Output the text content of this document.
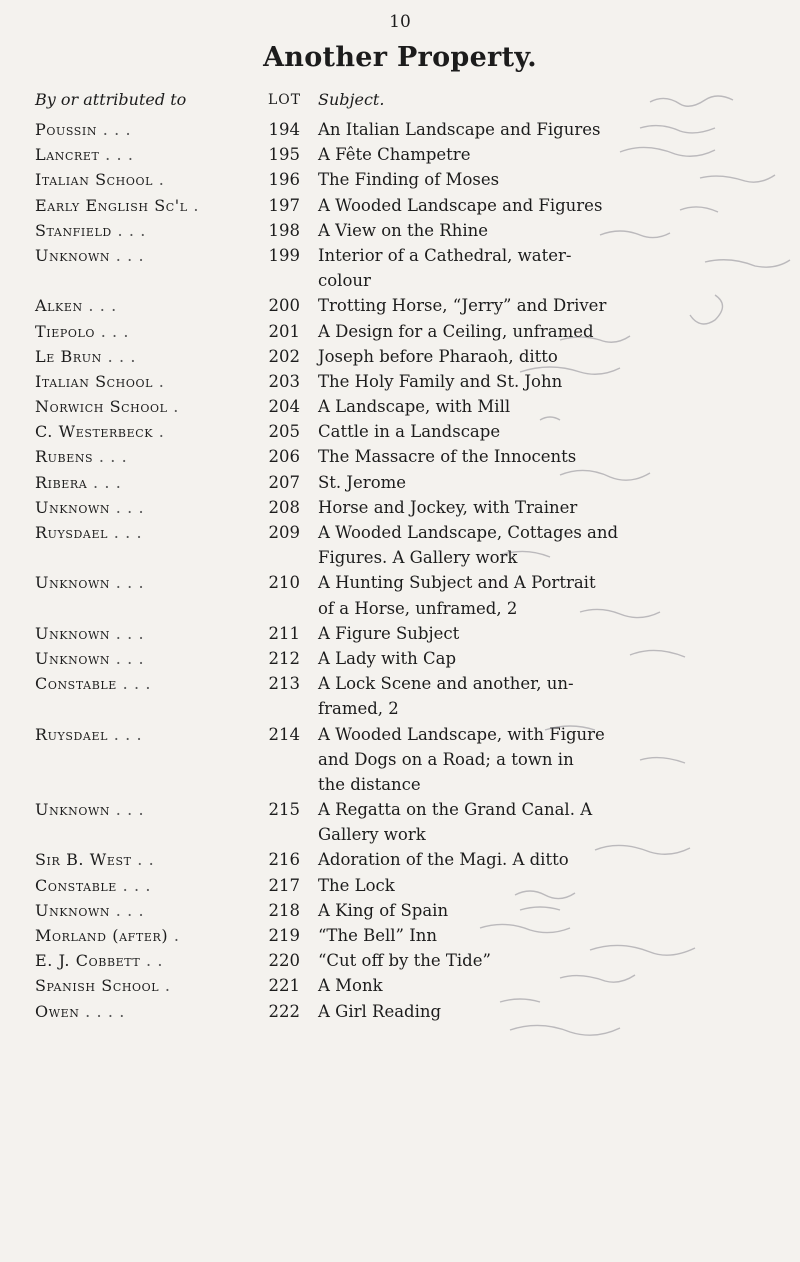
10
Another Property.
By or attributed to	LOT Subject.
Poussin . . .	194 An Italian Landscape and Figures
Lancret . . .	195 A Fête Champetre
Italian School .	196 The Finding of Moses
Early English Sc'l .	197 A Wooded Landscape and Figures
Stanfield . . .	198 A View on the Rhine
Unknown . . .	199 Interior of a Cathedral, water-
colour
Alken . . .	200 Trotting Horse, “Jerry” and Driver
Tiepolo . . .	201 A Design for a Ceiling, unframed
Le Brun . . .	202 Joseph before Pharaoh, ditto
Italian School .	203 The Holy Family and St. John
Norwich School .	204 A Landscape, with Mill
C. Westerbeck .	205 Cattle in a Landscape
Rubens . . .	206 The Massacre of the Innocents
Ribera . . .	207 St. Jerome
Unknown . . .	208 Horse and Jockey, with Trainer
Ruysdael . . .	209 A Wooded Landscape, Cottages and
Figures. A Gallery work
Unknown . . .	210 A Hunting Subject and A Portrait
of a Horse, unframed, 2
Unknown . . .	211 A Figure Subject
Unknown . . .	212 A Lady with Cap
Constable . . .	213 A Lock Scene and another, un-
framed, 2
Ruysdael . . .	214 A Wooded Landscape, with Figure
and Dogs on a Road; a town in
the distance
Unknown . . .	215 A Regatta on the Grand Canal. A
Gallery work
Sir B. West . .	216 Adoration of the Magi. A ditto
Constable . . .	217 The Lock
Unknown . . .	218 A King of Spain
Morland (after) .	219 “The Bell” Inn
E. J. Cobbett . .	220 “Cut off by the Tide”
Spanish School .	221 A Monk
Owen . . . .	222 A Girl Reading
